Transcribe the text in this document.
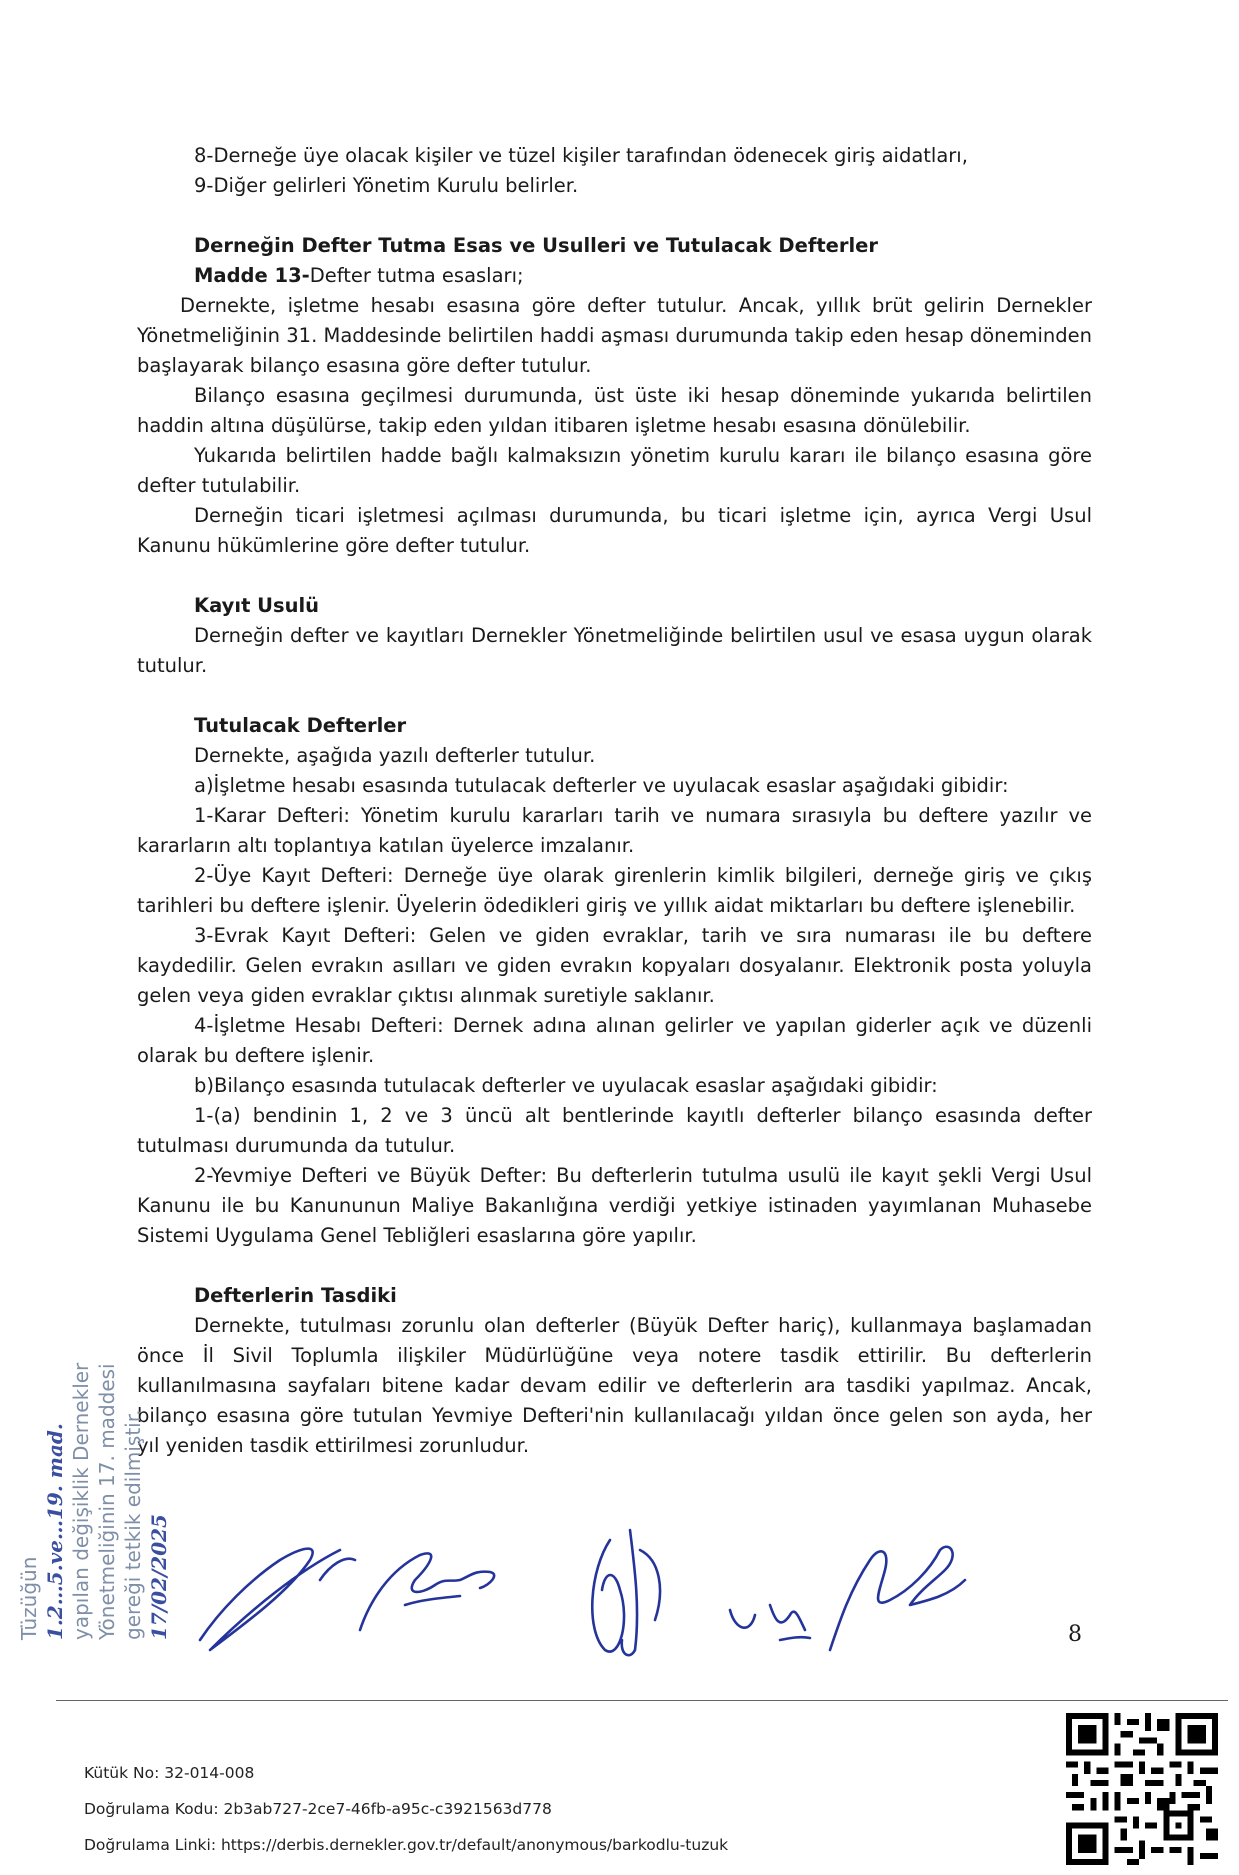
8-Derneğe üye olacak kişiler ve tüzel kişiler tarafından ödenecek giriş aidatları,

9-Diğer gelirleri Yönetim Kurulu belirler.

Derneğin Defter Tutma Esas ve Usulleri ve Tutulacak Defterler

Madde 13-Defter tutma esasları;

Dernekte, işletme hesabı esasına göre defter tutulur. Ancak, yıllık brüt gelirin Dernekler Yönetmeliğinin 31. Maddesinde belirtilen haddi aşması durumunda takip eden hesap döneminden başlayarak bilanço esasına göre defter tutulur.

Bilanço esasına geçilmesi durumunda, üst üste iki hesap döneminde yukarıda belirtilen haddin altına düşülürse, takip eden yıldan itibaren işletme hesabı esasına dönülebilir.

Yukarıda belirtilen hadde bağlı kalmaksızın yönetim kurulu kararı ile bilanço esasına göre defter tutulabilir.

Derneğin ticari işletmesi açılması durumunda, bu ticari işletme için, ayrıca Vergi Usul Kanunu hükümlerine göre defter tutulur.

Kayıt Usulü

Derneğin defter ve kayıtları Dernekler Yönetmeliğinde belirtilen usul ve esasa uygun olarak tutulur.

Tutulacak Defterler

Dernekte, aşağıda yazılı defterler tutulur.

a)İşletme hesabı esasında tutulacak defterler ve uyulacak esaslar aşağıdaki gibidir:

1-Karar Defteri: Yönetim kurulu kararları tarih ve numara sırasıyla bu deftere yazılır ve kararların altı toplantıya katılan üyelerce imzalanır.

2-Üye Kayıt Defteri: Derneğe üye olarak girenlerin kimlik bilgileri, derneğe giriş ve çıkış tarihleri bu deftere işlenir. Üyelerin ödedikleri giriş ve yıllık aidat miktarları bu deftere işlenebilir.

3-Evrak Kayıt Defteri: Gelen ve giden evraklar, tarih ve sıra numarası ile bu deftere kaydedilir. Gelen evrakın asılları ve giden evrakın kopyaları dosyalanır. Elektronik posta yoluyla gelen veya giden evraklar çıktısı alınmak suretiyle saklanır.

4-İşletme Hesabı Defteri: Dernek adına alınan gelirler ve yapılan giderler açık ve düzenli olarak bu deftere işlenir.

b)Bilanço esasında tutulacak defterler ve uyulacak esaslar aşağıdaki gibidir:

1-(a) bendinin 1, 2 ve 3 üncü alt bentlerinde kayıtlı defterler bilanço esasında defter tutulması durumunda da tutulur.

2-Yevmiye Defteri ve Büyük Defter: Bu defterlerin tutulma usulü ile kayıt şekli Vergi Usul Kanunu ile bu Kanununun Maliye Bakanlığına verdiği yetkiye istinaden yayımlanan Muhasebe Sistemi Uygulama Genel Tebliğleri esaslarına göre yapılır.

Defterlerin Tasdiki

Dernekte, tutulması zorunlu olan defterler (Büyük Defter hariç), kullanmaya başlamadan

önce İl Sivil Toplumla ilişkiler Müdürlüğüne veya notere tasdik ettirilir. Bu defterlerin

kullanılmasına sayfaları bitene kadar devam edilir ve defterlerin ara tasdiki yapılmaz. Ancak,

bilanço esasına göre tutulan Yevmiye Defteri'nin kullanılacağı yıldan önce gelen son ayda, her

yıl yeniden tasdik ettirilmesi zorunludur.

Tüzüğün 1.2…5.ve…19. mad. yapılan değişiklik Dernekler Yönetmeliğinin 17. maddesi gereği tetkik edilmiştir. 17/02/2025	8
Kütük No: 32-014-008
Doğrulama Kodu: 2b3ab727-2ce7-46fb-a95c-c3921563d778
Doğrulama Linki: https://derbis.dernekler.gov.tr/default/anonymous/barkodlu-tuzuk
